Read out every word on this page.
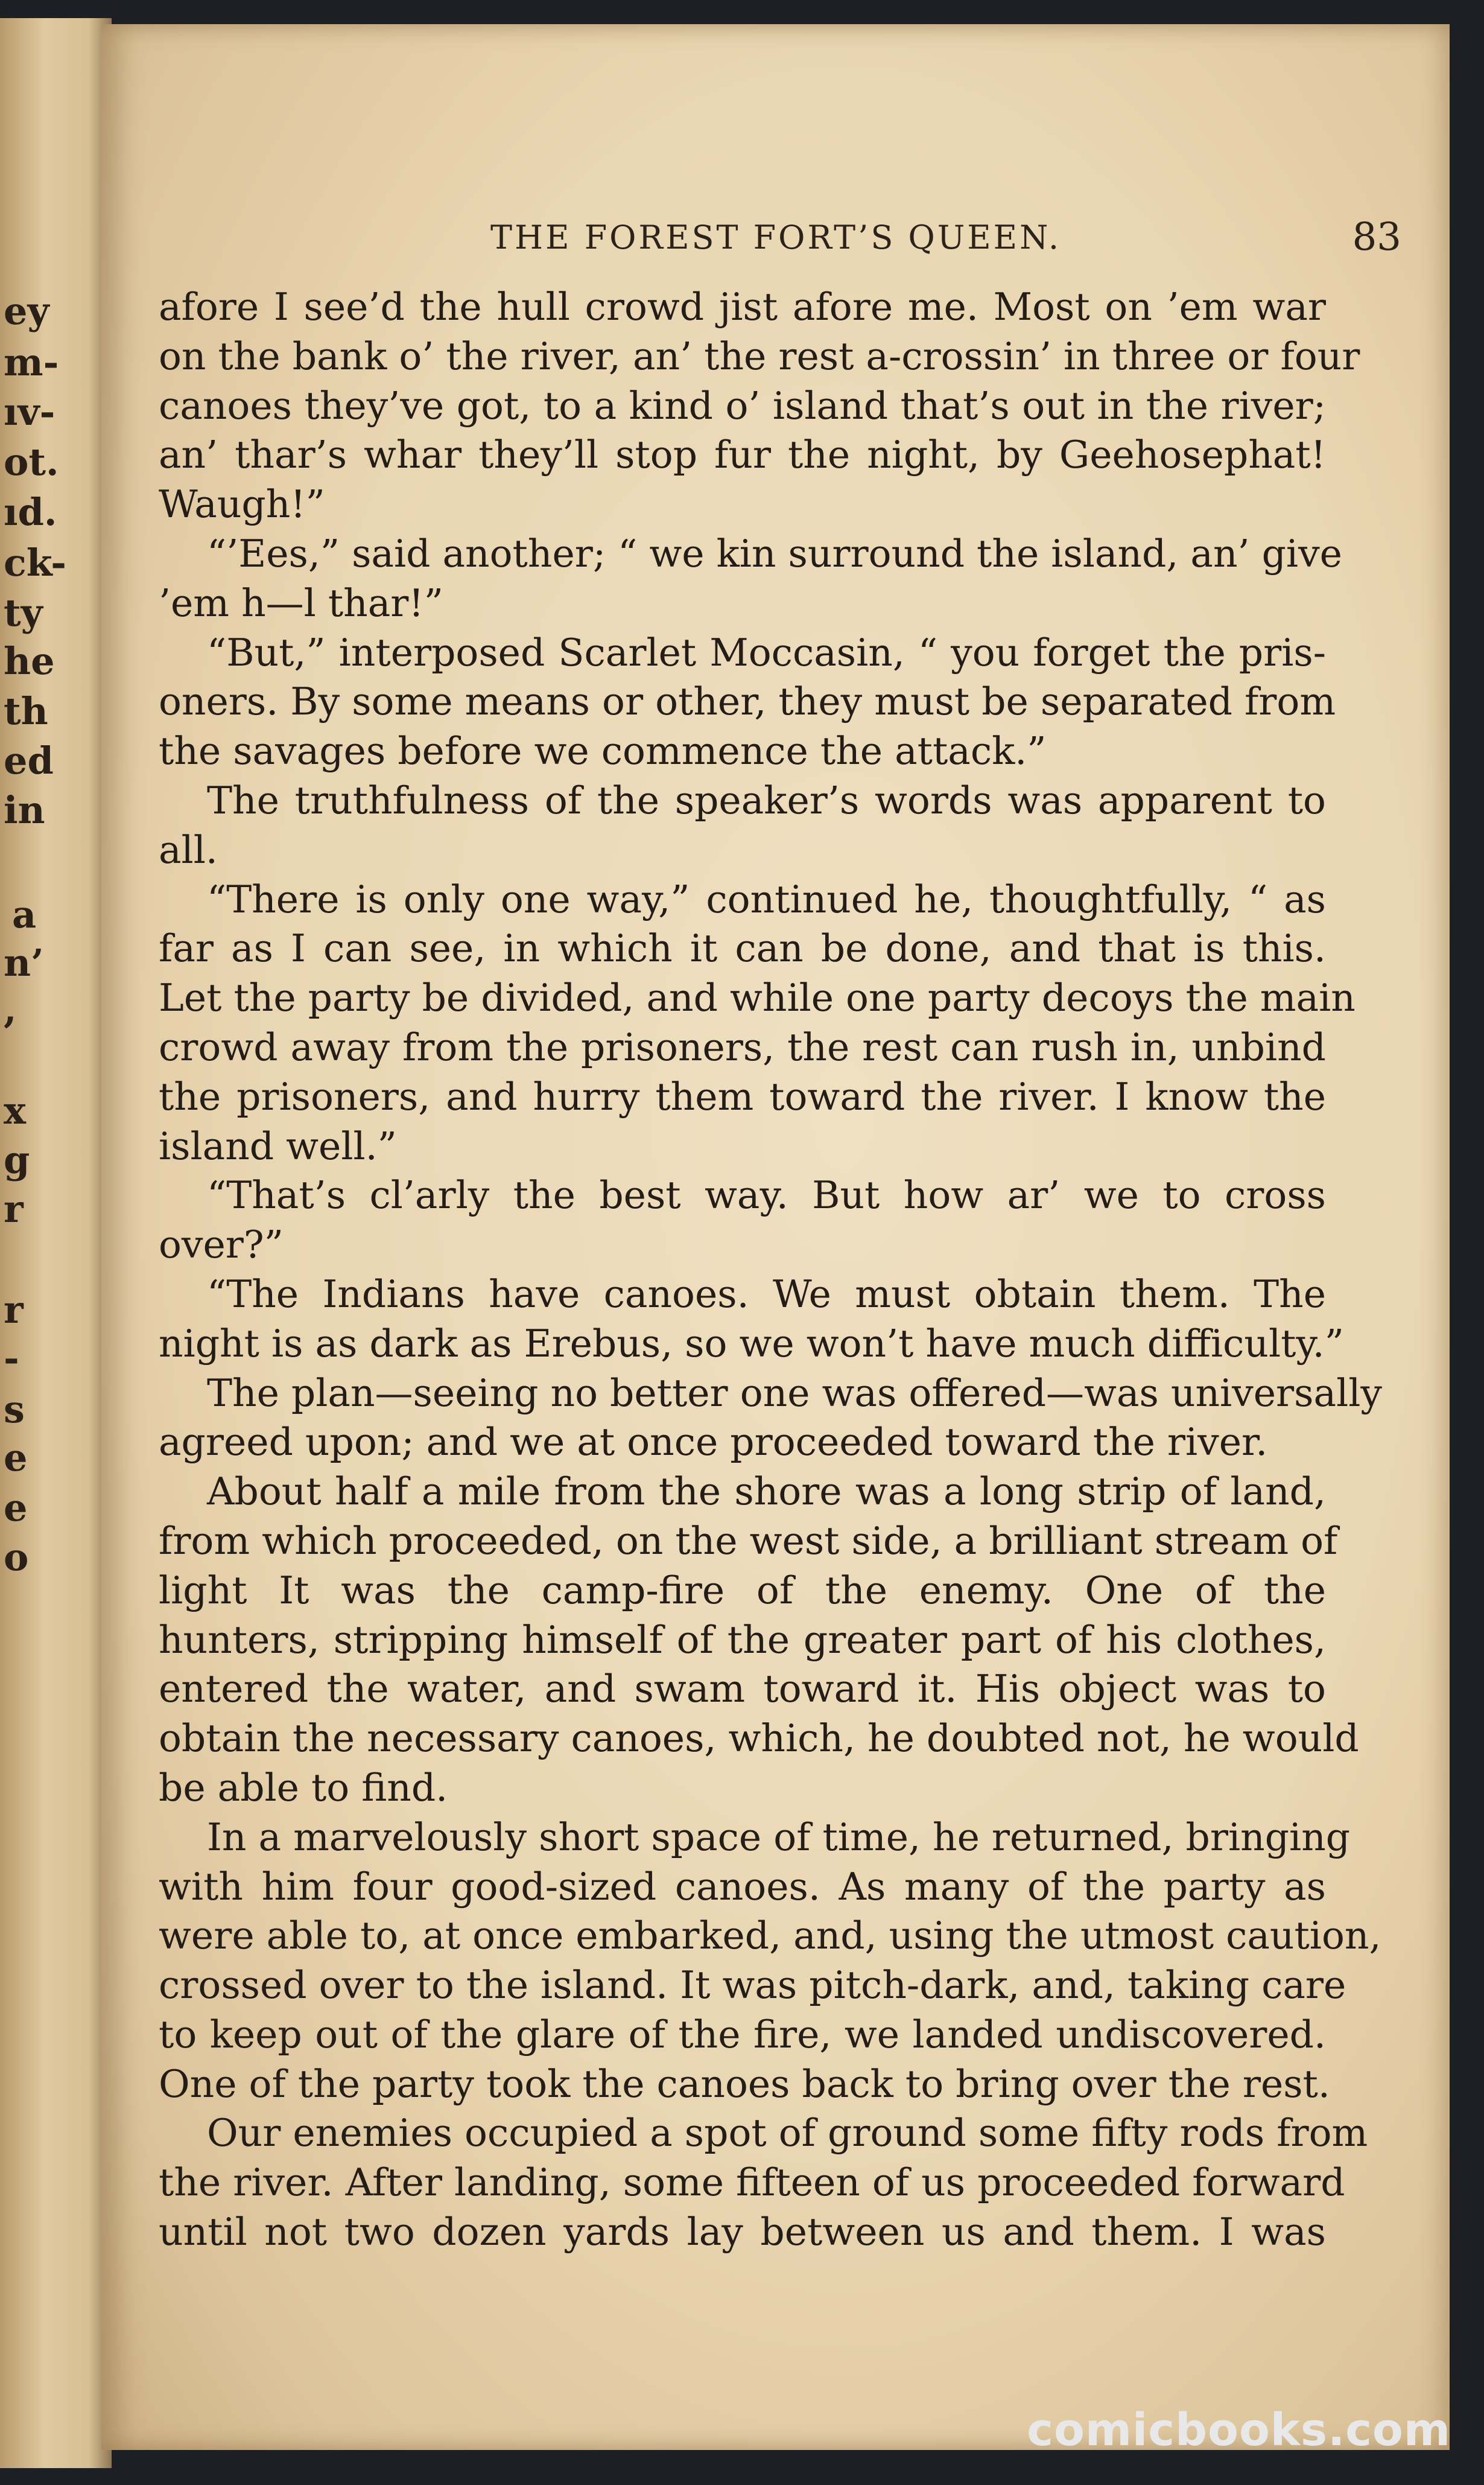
ey
m-
ıv-
ot.
ıd.
ck-
ty
he
th
ed
in
a
n’
,
x
g
r
r
-
s
e
e
o
THE FOREST FORT’S QUEEN.	83
afore I see’d the hull crowd jist afore me. Most on ’em war
on the bank o’ the river, an’ the rest a-crossin’ in three or four
canoes they’ve got, to a kind o’ island that’s out in the river;
an’ thar’s whar they’ll stop fur the night, by Geehosephat!
Waugh!”
“’Ees,” said another; “ we kin surround the island, an’ give
’em h—l thar!”
“But,” interposed Scarlet Moccasin, “ you forget the pris-
oners. By some means or other, they must be separated from
the savages before we commence the attack.”
The truthfulness of the speaker’s words was apparent to
all.
“There is only one way,” continued he, thoughtfully, “ as
far as I can see, in which it can be done, and that is this.
Let the party be divided, and while one party decoys the main
crowd away from the prisoners, the rest can rush in, unbind
the prisoners, and hurry them toward the river. I know the
island well.”
“That’s cl’arly the best way. But how ar’ we to cross
over?”
“The Indians have canoes. We must obtain them. The
night is as dark as Erebus, so we won’t have much difficulty.”
The plan—seeing no better one was offered—was universally
agreed upon; and we at once proceeded toward the river.
About half a mile from the shore was a long strip of land,
from which proceeded, on the west side, a brilliant stream of
light It was the camp-fire of the enemy. One of the
hunters, stripping himself of the greater part of his clothes,
entered the water, and swam toward it. His object was to
obtain the necessary canoes, which, he doubted not, he would
be able to find.
In a marvelously short space of time, he returned, bringing
with him four good-sized canoes. As many of the party as
were able to, at once embarked, and, using the utmost caution,
crossed over to the island. It was pitch-dark, and, taking care
to keep out of the glare of the fire, we landed undiscovered.
One of the party took the canoes back to bring over the rest.
Our enemies occupied a spot of ground some fifty rods from
the river. After landing, some fifteen of us proceeded forward
until not two dozen yards lay between us and them. I was
comicbooks.com
